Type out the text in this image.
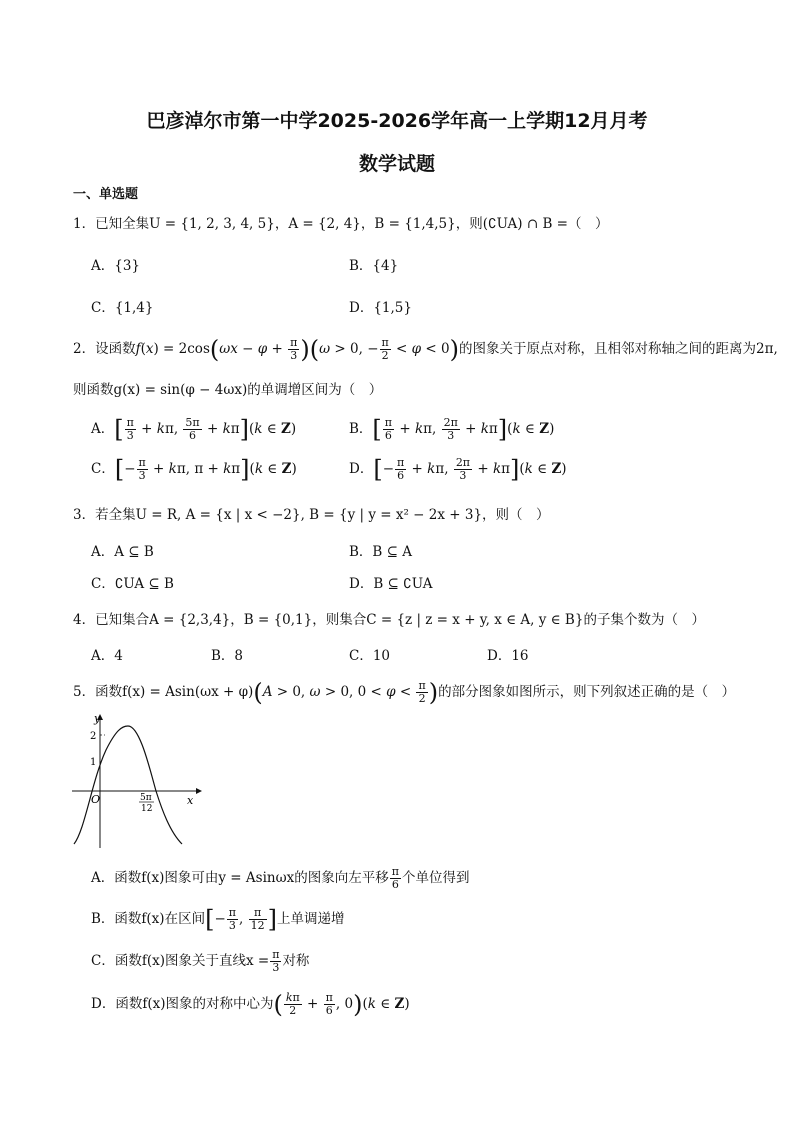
巴彦淖尔市第一中学2025-2026学年高一上学期12月月考
数学试题
一、单选题
1．已知全集U = {1, 2, 3, 4, 5}，A = {2, 4}，B = {1,4,5}，则(∁UA) ∩ B =（　）
A．{3}	B．{4}
C．{1,4}	D．{1,5}
2．设函数$f(x) = 2\cos(\omega x - \varphi + \frac{\pi}{3} )(\omega > 0$, − $\frac{\pi}{2} < \varphi < 0$)的图象关于原点对称，且相邻对称轴之间的距离为2π,
则函数g(x) = sin(φ − 4ωx)的单调增区间为（　）
A．[ $\frac{\pi}{3} + k\pi$, $\frac{5\pi}{6} + k\pi](k$ ∈ Z)	B．[ $\frac{\pi}{6} + k\pi$, $\frac{2\pi}{3} + k\pi](k$ ∈ Z)
C．[− $\frac{\pi}{3} + k\pi$, π + kπ](k ∈ Z)	D．[− $\frac{\pi}{6} + k\pi$, $\frac{2\pi}{3} + k\pi](k$ ∈ Z)
3．若全集U = R, A = {x | x < −2}, B = {y | y = x² − 2x + 3}，则（　）
A．A ⊆ B	B．B ⊆ A
C．∁UA ⊆ B	D．B ⊆ ∁UA
4．已知集合A = {2,3,4}，B = {0,1}，则集合C = {z | z = x + y, x ∈ A, y ∈ B}的子集个数为（　）
A．4	B．8	C．10	D．16
5．函数f(x) = Asin(ωx + φ)(A > 0, ω > 0, $0 < \varphi < \frac{\pi}{2}$ )的部分图象如图所示，则下列叙述正确的是（　）
y
x
O
2
1
5π
12
A．函数f(x)图象可由y = Asinωx的图象向左平移 $\frac{\pi}{6}$ 个单位得到
B．函数f(x)在区间[− $\frac{\pi}{3}$ , $\frac{\pi}{12}$ ]上单调递增
C．函数f(x)图象关于直线$x = \frac{\pi}{3}$ 对称
D．函数f(x)图象的对称中心为( $\frac{k\pi}{2} + \frac{\pi}{6}$ , 0)(k ∈ Z)
